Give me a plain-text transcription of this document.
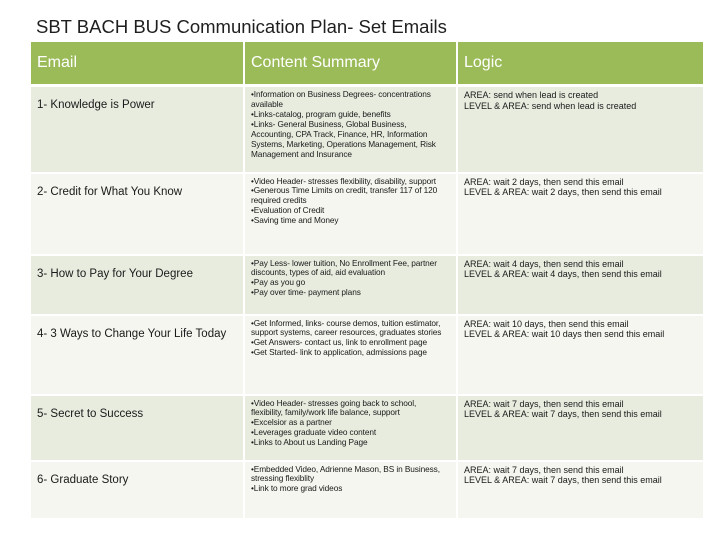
SBT BACH BUS Communication Plan- Set Emails
Email	Content Summary	Logic

1- Knowledge is Power	•Information on Business Degrees- concentrations available
•Links-catalog, program guide, benefits
•Links- General Business, Global Business, Accounting, CPA Track, Finance, HR, Information Systems, Marketing, Operations Management, Risk Management and Insurance	AREA: send when lead is created
LEVEL & AREA: send when lead is created

2- Credit for What You Know	•Video Header- stresses flexibility, disability, support
•Generous Time Limits on credit, transfer 117 of 120 required credits
•Evaluation of Credit
•Saving time and Money	AREA: wait 2 days, then send this email
LEVEL & AREA: wait 2 days, then send this email

3- How to Pay for Your Degree	•Pay Less- lower tuition, No Enrollment Fee, partner discounts, types of aid, aid evaluation
•Pay as you go
•Pay over time- payment plans	AREA: wait 4 days, then send this email
LEVEL & AREA: wait 4 days, then send this email

4- 3 Ways to Change Your Life Today	•Get Informed, links- course demos, tuition estimator, support systems, career resources, graduates stories
•Get Answers- contact us, link to enrollment page
•Get Started- link to application, admissions page	AREA: wait 10 days, then send this email
LEVEL & AREA: wait 10 days then send this email

5- Secret to Success	•Video Header- stresses going back to school, flexibility, family/work life balance, support
•Excelsior as a partner
•Leverages graduate video content
•Links to About us Landing Page	AREA: wait 7 days, then send this email
LEVEL & AREA: wait 7 days, then send this email

6- Graduate Story	•Embedded Video, Adrienne Mason, BS in Business, stressing flexiblity
•Link to more grad videos	AREA: wait 7 days, then send this email
LEVEL & AREA: wait 7 days, then send this email
